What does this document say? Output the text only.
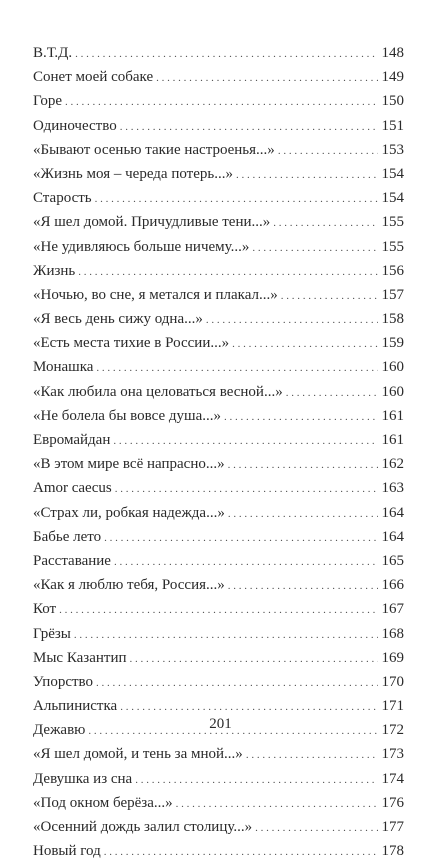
В.Т.Д. . . .	148
Сонет моей собаке . . .	149
Горе . . .	150
Одиночество . . .	151
«Бывают осенью такие настроенья...» . . .	153
«Жизнь моя – череда потерь...» . . .	154
Старость . . .	154
«Я шел домой. Причудливые тени...» . . .	155
«Не удивляюсь больше ничему...» . . .	155
Жизнь . . .	156
«Ночью, во сне, я метался и плакал...» . . .	157
«Я весь день сижу одна...» . . .	158
«Есть места тихие в России...» . . .	159
Монашка . . .	160
«Как любила она целоваться весной...» . . .	160
«Не болела бы вовсе душа...» . . .	161
Евромайдан . . .	161
«В этом мире всё напрасно...» . . .	162
Amor caecus . . .	163
«Страх ли, робкая надежда...» . . .	164
Бабье лето . . .	164
Расставание . . .	165
«Как я люблю тебя, Россия...» . . .	166
Кот . . .	167
Грёзы . . .	168
Мыс Казантип . . .	169
Упорство . . .	170
Альпинистка . . .	171
Дежавю . . .	172
«Я шел домой, и тень за мной...» . . .	173
Девушка из сна . . .	174
«Под окном берёза...» . . .	176
«Осенний дождь залил столицу...» . . .	177
Новый год . . .	178
201
